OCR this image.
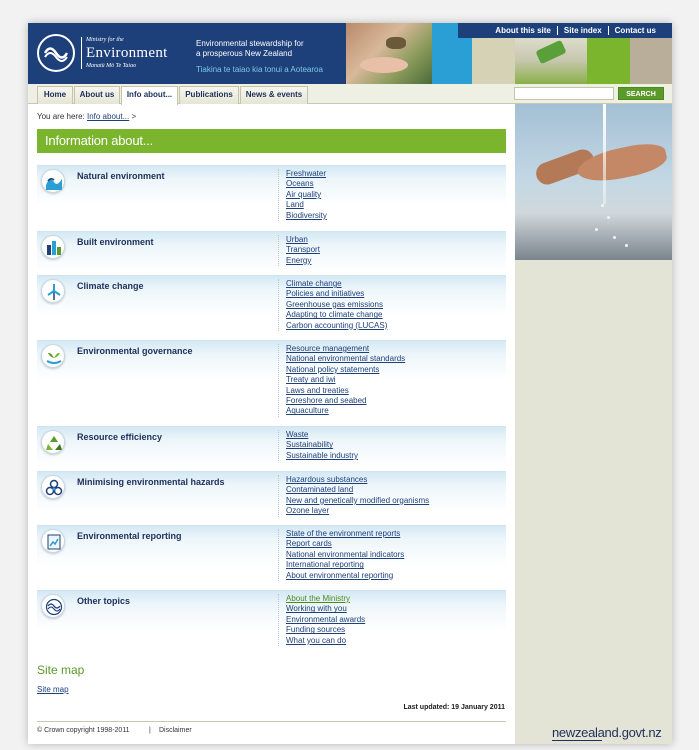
Ministry for the
Environment
Manatū Mō Te Taiao
Environmental stewardship for
a prosperous New Zealand
Tiakina te taiao kia tonui a Aotearoa
About this site	Site index	Contact us
Home	About us	Info about...	Publications	News & events	SEARCH
You are here: Info about... >
Information about...
Natural environment	Freshwater
Oceans
Air quality
Land
Biodiversity
Built environment	Urban
Transport
Energy
Climate change	Climate change
Policies and initiatives
Greenhouse gas emissions
Adapting to climate change
Carbon accounting (LUCAS)
Environmental governance	Resource management
National environmental standards
National policy statements
Treaty and iwi
Laws and treaties
Foreshore and seabed
Aquaculture
Resource efficiency	Waste
Sustainability
Sustainable industry
Minimising environmental hazards	Hazardous substances
Contaminated land
New and genetically modified organisms
Ozone layer
Environmental reporting	State of the environment reports
Report cards
National environmental indicators
International reporting
About environmental reporting
Other topics	About the Ministry
Working with you
Environmental awards
Funding sources
What you can do
Site map
Site map
Last updated: 19 January 2011
© Crown copyright 1998-2011	| Disclaimer	newzealand.govt.nz
